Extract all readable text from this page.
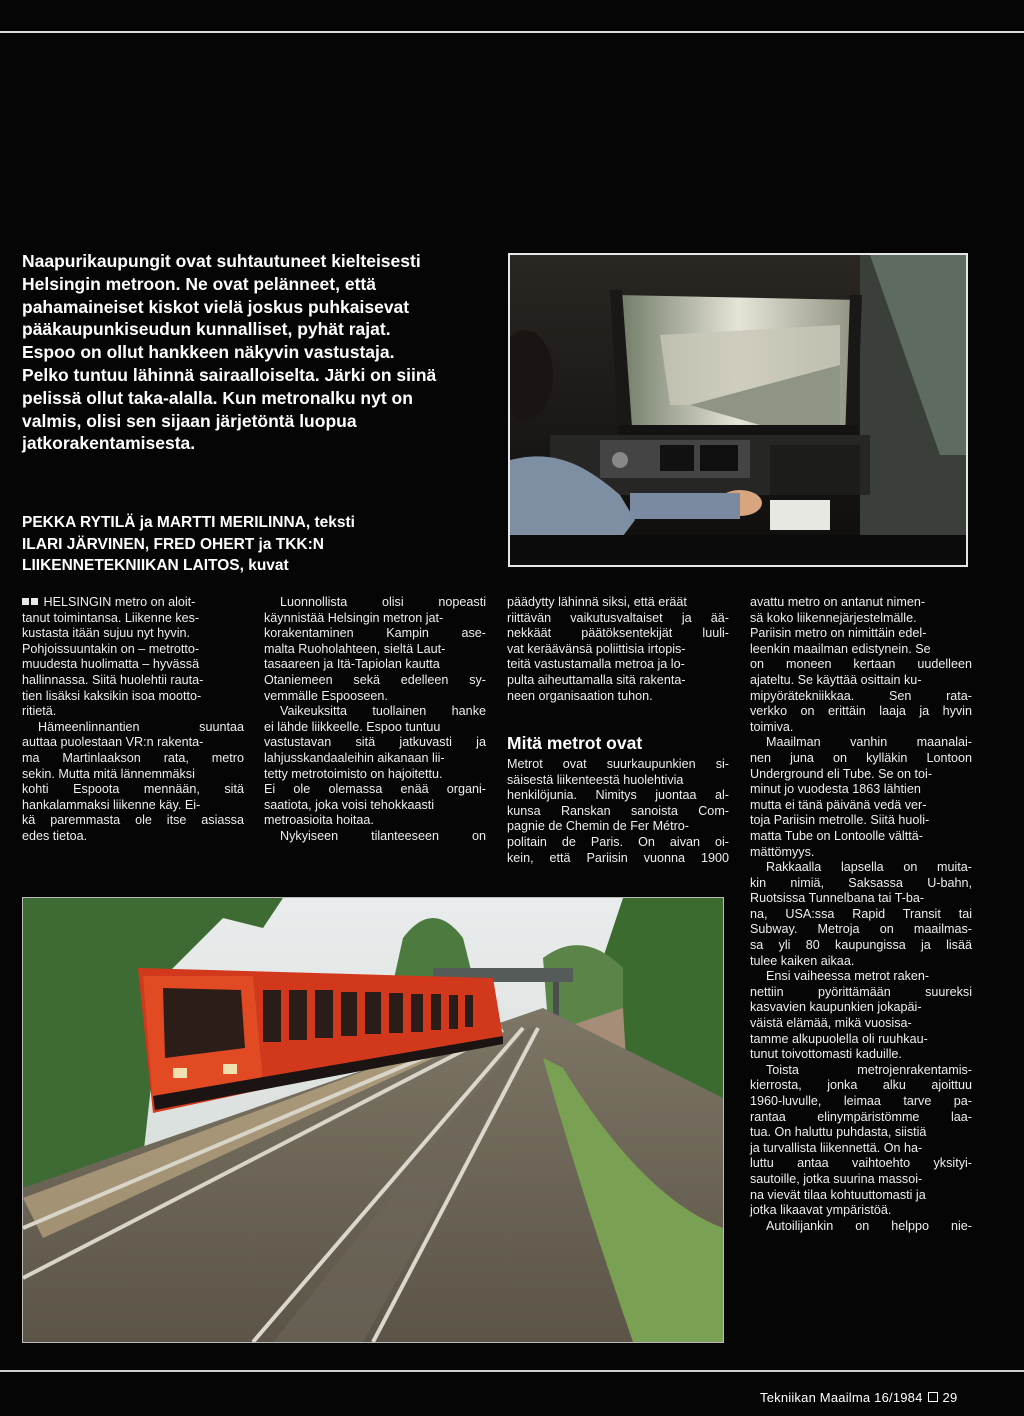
Naapurikaupungit ovat suhtautuneet kielteisesti
Helsingin metroon. Ne ovat pelänneet, että
pahamaineiset kiskot vielä joskus puhkaisevat
pääkaupunkiseudun kunnalliset, pyhät rajat.
Espoo on ollut hankkeen näkyvin vastustaja.
Pelko tuntuu lähinnä sairaalloiselta. Järki on siinä
pelissä ollut taka-alalla. Kun metronalku nyt on
valmis, olisi sen sijaan järjetöntä luopua
jatkorakentamisesta.
PEKKA RYTILÄ ja MARTTI MERILINNA, teksti
ILARI JÄRVINEN, FRED OHERT ja TKK:N
LIIKENNETEKNIIKAN LAITOS, kuvat
HELSINGIN metro on aloit-
tanut toimintansa. Liikenne kes-
kustasta itään sujuu nyt hyvin.
Pohjoissuuntakin on – metrotto-
muudesta huolimatta – hyvässä
hallinnassa. Siitä huolehtii rauta-
tien lisäksi kaksikin isoa mootto-
ritietä.
Hämeenlinnantien suuntaa
auttaa puolestaan VR:n rakenta-
ma Martinlaakson rata, metro
sekin. Mutta mitä lännemmäksi
kohti Espoota mennään, sitä
hankalammaksi liikenne käy. Ei-
kä paremmasta ole itse asiassa
edes tietoa.
Luonnollista olisi nopeasti
käynnistää Helsingin metron jat-
korakentaminen Kampin ase-
malta Ruoholahteen, sieltä Laut-
tasaareen ja Itä-Tapiolan kautta
Otaniemeen sekä edelleen sy-
vemmälle Espooseen.
Vaikeuksitta tuollainen hanke
ei lähde liikkeelle. Espoo tuntuu
vastustavan sitä jatkuvasti ja
lahjusskandaaleihin aikanaan lii-
tetty metrotoimisto on hajoitettu.
Ei ole olemassa enää organi-
saatiota, joka voisi tehokkaasti
metroasioita hoitaa.
Nykyiseen tilanteeseen on
päädytty lähinnä siksi, että eräät
riittävän vaikutusvaltaiset ja ää-
nekkäät päätöksentekijät luuli-
vat keräävänsä poliittisia irtopis-
teitä vastustamalla metroa ja lo-
pulta aiheuttamalla sitä rakenta-
neen organisaation tuhon.
Mitä metrot ovat
Metrot ovat suurkaupunkien si-
säisestä liikenteestä huolehtivia
henkilöjunia. Nimitys juontaa al-
kunsa Ranskan sanoista Com-
pagnie de Chemin de Fer Métro-
politain de Paris. On aivan oi-
kein, että Pariisin vuonna 1900
avattu metro on antanut nimen-
sä koko liikennejärjestelmälle.
Pariisin metro on nimittäin edel-
leenkin maailman edistynein. Se
on moneen kertaan uudelleen
ajateltu. Se käyttää osittain ku-
mipyörätekniikkaa. Sen rata-
verkko on erittäin laaja ja hyvin
toimiva.
Maailman vanhin maanalai-
nen juna on kylläkin Lontoon
Underground eli Tube. Se on toi-
minut jo vuodesta 1863 lähtien
mutta ei tänä päivänä vedä ver-
toja Pariisin metrolle. Siitä huoli-
matta Tube on Lontoolle välttä-
mättömyys.
Rakkaalla lapsella on muita-
kin nimiä, Saksassa U-bahn,
Ruotsissa Tunnelbana tai T-ba-
na, USA:ssa Rapid Transit tai
Subway. Metroja on maailmas-
sa yli 80 kaupungissa ja lisää
tulee kaiken aikaa.
Ensi vaiheessa metrot raken-
nettiin pyörittämään suureksi
kasvavien kaupunkien jokapäi-
väistä elämää, mikä vuosisa-
tamme alkupuolella oli ruuhkau-
tunut toivottomasti kaduille.
Toista metrojenrakentamis-
kierrosta, jonka alku ajoittuu
1960-luvulle, leimaa tarve pa-
rantaa elinympäristömme laa-
tua. On haluttu puhdasta, siistiä
ja turvallista liikennettä. On ha-
luttu antaa vaihtoehto yksityi-
sautoille, jotka suurina massoi-
na vievät tilaa kohtuuttomasti ja
jotka likaavat ympäristöä.
Autoilijankin on helppo nie-
Tekniikan Maailma 16/1984 29
